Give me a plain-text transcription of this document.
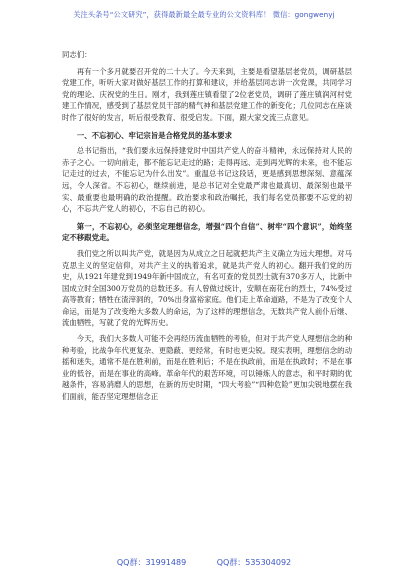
关注头条号“公文研究”，获得最新最全最专业的公文资料库！ 微信：gongwenyj

同志们：

再有一个多月就要召开党的二十大了。今天来到，主要是看望基层老党员，调研基层党建工作，听听大家对做好基层工作的打算和建议，并给基层同志讲一次党课，共同学习党的理论、庆祝党的生日。刚才，我到莲庄镇看望了2位老党员，调研了莲庄镇润河村党建工作情况，感受到了基层党员干部的精气神和基层党建工作的新变化；几位同志在座谈时作了很好的发言，听后很受教育、很受启发。下面，跟大家交流三点意见。

一、不忘初心、牢记宗旨是合格党员的基本要求

总书记指出，“我们要永远保持建党时中国共产党人的奋斗精神，永远保持对人民的赤子之心。一切向前走，都不能忘记走过的路；走得再远、走到再光辉的未来，也不能忘记走过的过去，不能忘记为什么出发”。重温总书记这段话，更是感到思想深刻、意蕴深远，令人深省。不忘初心，继续前进，是总书记对全党最严肃也最真切、最深刻也最平实、最重要也最明确的政治提醒。政治要求和政治嘱托，我们每名党员都要不忘党的初心，不忘共产党人的初心，不忘自己的初心。

第一，不忘初心，必须坚定理想信念，增强“四个自信”、树牢“四个意识”，始终坚定不移跟党走。

我们党之所以叫共产党，就是因为从成立之日起就把共产主义确立为远大理想。对马克思主义的坚定信仰，对共产主义的执着追求，就是共产党人的初心。翻开我们党的历史，从1921年建党到1949年新中国成立，有名可查的党员烈士就有370多万人，比新中国成立时全国300万党员的总数还多。有人曾做过统计，安顺在南花台的烈士，74%受过高等教育；牺牲在渣滓洞的，70%出身富裕家庭。他们走上革命道路，不是为了改变个人命运，而是为了改变绝大多数人的命运，为了这样的理想信念，无数共产党人前仆后继、流血牺牲，写就了党的光辉历史。

今天，我们大多数人可能不会再经历流血牺牲的考验，但对于共产党人理想信念的种种考验，比战争年代更复杂、更隐蔽、更经常，有时也更尖锐。现实表明，理想信念的动摇和迷失，通常不是在胜利前，而是在胜利后；不是在执政前，而是在执政时；不是在事业的低谷，而是在事业的高峰。革命年代的艰苦环境，可以锤炼人的意志，和平时期的优越条件，容易消磨人的思想，在新的历史时期，“四大考验”“四种危险”更加尖锐地摆在我们面前，能否坚定理想信念正

QQ群：31991489	QQ群：535304092
